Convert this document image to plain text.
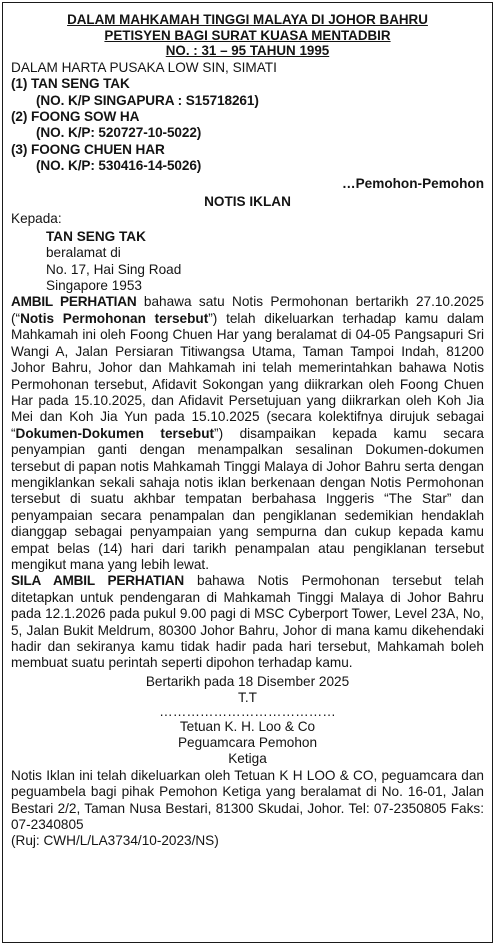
DALAM MAHKAMAH TINGGI MALAYA DI JOHOR BAHRU
PETISYEN BAGI SURAT KUASA MENTADBIR
NO. : 31 – 95 TAHUN 1995
DALAM HARTA PUSAKA LOW SIN, SIMATI
(1) TAN SENG TAK
(NO. K/P SINGAPURA : S15718261)
(2) FOONG SOW HA
(NO. K/P: 520727-10-5022)
(3) FOONG CHUEN HAR
(NO. K/P: 530416-14-5026)
…Pemohon-Pemohon
NOTIS IKLAN
Kepada:
TAN SENG TAK
beralamat di
No. 17, Hai Sing Road
Singapore 1953

AMBIL PERHATIAN bahawa satu Notis Permohonan bertarikh 27.10.2025 (“Notis Permohonan tersebut”) telah dikeluarkan terhadap kamu dalam Mahkamah ini oleh Foong Chuen Har yang beralamat di 04-05 Pangsapuri Sri Wangi A, Jalan Persiaran Titiwangsa Utama, Taman Tampoi Indah, 81200 Johor Bahru, Johor dan Mahkamah ini telah memerintahkan bahawa Notis Permohonan tersebut, Afidavit Sokongan yang diikrarkan oleh Foong Chuen Har pada 15.10.2025, dan Afidavit Persetujuan yang diikrarkan oleh Koh Jia Mei dan Koh Jia Yun pada 15.10.2025 (secara kolektifnya dirujuk sebagai “Dokumen-Dokumen tersebut”) disampaikan kepada kamu secara penyampian ganti dengan menampalkan sesalinan Dokumen-dokumen tersebut di papan notis Mahkamah Tinggi Malaya di Johor Bahru serta dengan mengiklankan sekali sahaja notis iklan berkenaan dengan Notis Permohonan tersebut di suatu akhbar tempatan berbahasa Inggeris “The Star” dan penyampaian secara penampalan dan pengiklanan sedemikian hendaklah dianggap sebagai penyampaian yang sempurna dan cukup kepada kamu empat belas (14) hari dari tarikh penampalan atau pengiklanan tersebut mengikut mana yang lebih lewat.

SILA AMBIL PERHATIAN bahawa Notis Permohonan tersebut telah ditetapkan untuk pendengaran di Mahkamah Tinggi Malaya di Johor Bahru pada 12.1.2026 pada pukul 9.00 pagi di MSC Cyberport Tower, Level 23A, No, 5, Jalan Bukit Meldrum, 80300 Johor Bahru, Johor di mana kamu dikehendaki hadir dan sekiranya kamu tidak hadir pada hari tersebut, Mahkamah boleh membuat suatu perintah seperti dipohon terhadap kamu.

Bertarikh pada 18 Disember 2025
T.T
…………………………………
Tetuan K. H. Loo & Co
Peguamcara Pemohon
Ketiga

Notis Iklan ini telah dikeluarkan oleh Tetuan K H LOO & CO, peguamcara dan peguambela bagi pihak Pemohon Ketiga yang beralamat di No. 16-01, Jalan Bestari 2/2, Taman Nusa Bestari, 81300 Skudai, Johor. Tel: 07-2350805 Faks: 07-2340805

(Ruj: CWH/L/LA3734/10-2023/NS)
